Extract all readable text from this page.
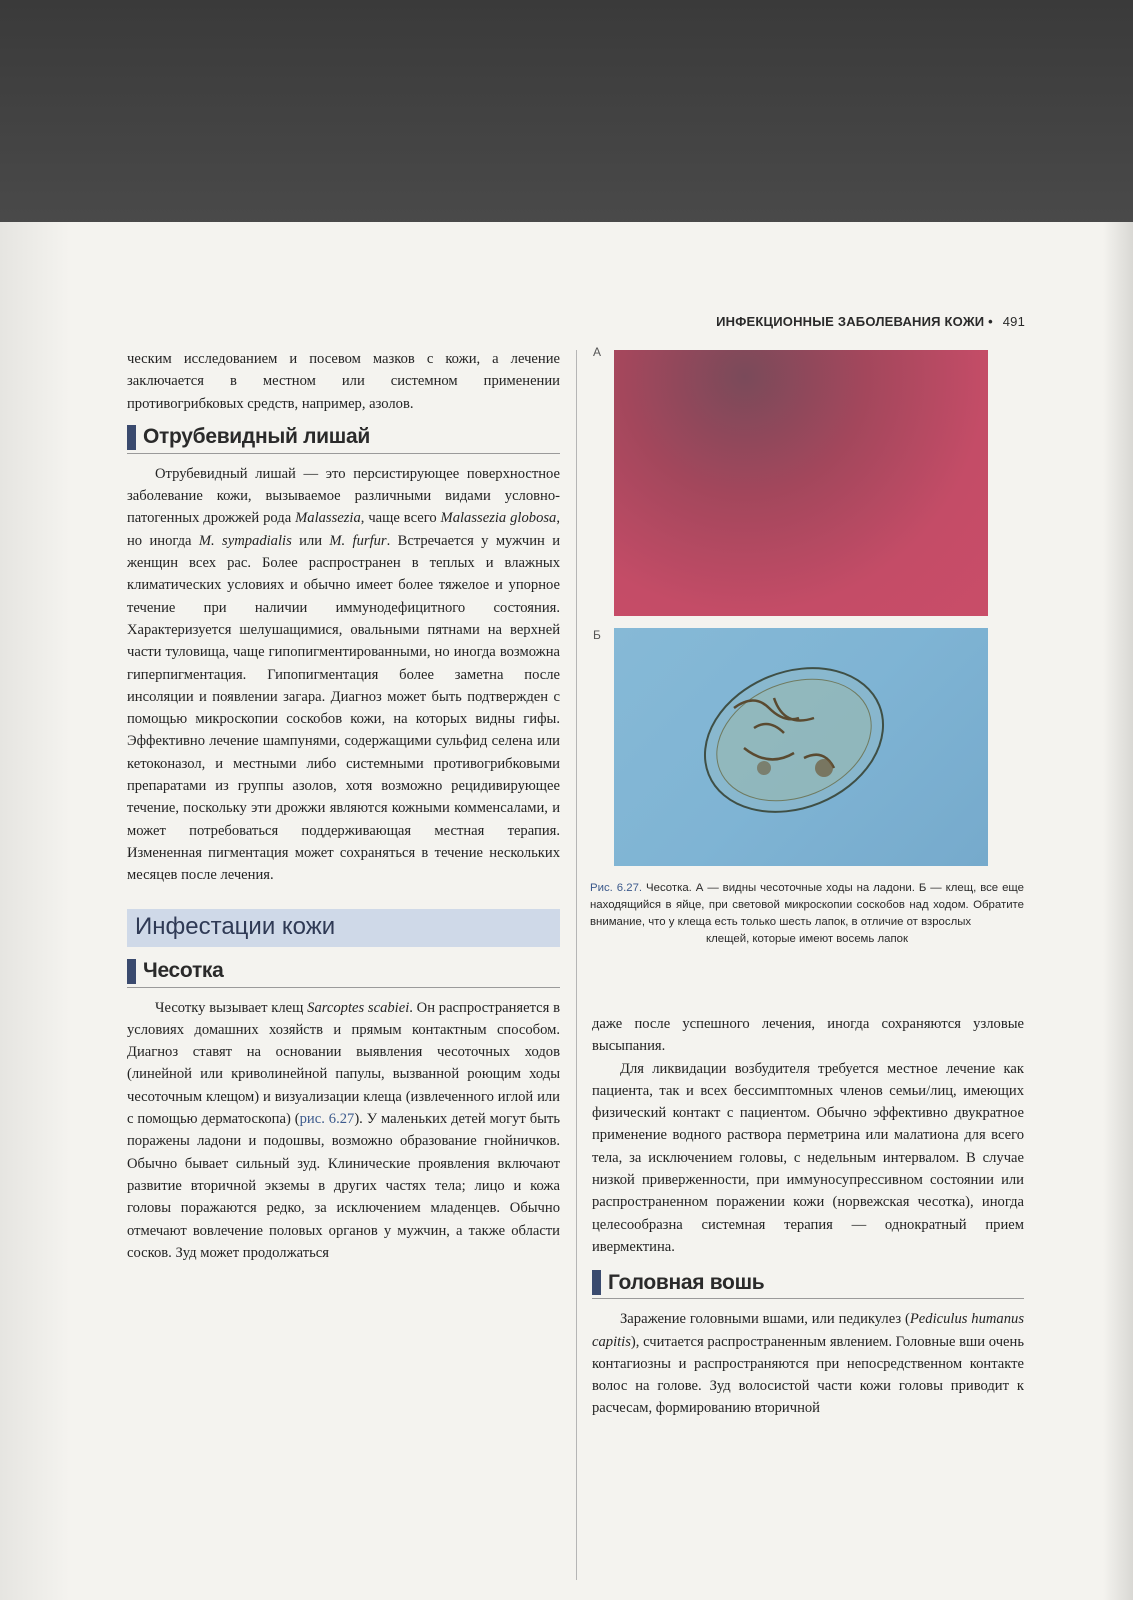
ИНФЕКЦИОННЫЕ ЗАБОЛЕВАНИЯ КОЖИ • 491

ческим исследованием и посевом мазков с кожи, а лечение заключается в местном или системном применении противогрибковых средств, например, азолов.

Отрубевидный лишай

Отрубевидный лишай — это персистирующее поверхностное заболевание кожи, вызываемое различными видами условно-патогенных дрожжей рода Malassezia, чаще всего Malassezia globosa, но иногда M. sympadialis или M. furfur. Встречается у мужчин и женщин всех рас. Более распространен в теплых и влажных климатических условиях и обычно имеет более тяжелое и упорное течение при наличии иммунодефицитного состояния. Характеризуется шелушащимися, овальными пятнами на верхней части туловища, чаще гипопигментированными, но иногда возможна гиперпигментация. Гипопигментация более заметна после инсоляции и появлении загара. Диагноз может быть подтвержден с помощью микроскопии соскобов кожи, на которых видны гифы. Эффективно лечение шампунями, содержащими сульфид селена или кетоконазол, и местными либо системными противогрибковыми препаратами из группы азолов, хотя возможно рецидивирующее течение, поскольку эти дрожжи являются кожными комменсалами, и может потребоваться поддерживающая местная терапия. Измененная пигментация может сохраняться в течение нескольких месяцев после лечения.

Инфестации кожи
Чесотка

Чесотку вызывает клещ Sarcoptes scabiei. Он распространяется в условиях домашних хозяйств и прямым контактным способом. Диагноз ставят на основании выявления чесоточных ходов (линейной или криволинейной папулы, вызванной роющим ходы чесоточным клещом) и визуализации клеща (извлеченного иглой или с помощью дерматоскопа) (рис. 6.27). У маленьких детей могут быть поражены ладони и подошвы, возможно образование гнойничков. Обычно бывает сильный зуд. Клинические проявления включают развитие вторичной экземы в других частях тела; лицо и кожа головы поражаются редко, за исключением младенцев. Обычно отмечают вовлечение половых органов у мужчин, а также области сосков. Зуд может продолжаться

А
Б
Рис. 6.27. Чесотка. А — видны чесоточные ходы на ладони. Б — клещ, все еще находящийся в яйце, при световой микроскопии соскобов над ходом. Обратите внимание, что у клеща есть только шесть лапок, в отличие от взрослых
клещей, которые имеют восемь лапок

даже после успешного лечения, иногда сохраняются узловые высыпания.

Для ликвидации возбудителя требуется местное лечение как пациента, так и всех бессимптомных членов семьи/лиц, имеющих физический контакт с пациентом. Обычно эффективно двукратное применение водного раствора перметрина или малатиона для всего тела, за исключением головы, с недельным интервалом. В случае низкой приверженности, при иммуносупрессивном состоянии или распространенном поражении кожи (норвежская чесотка), иногда целесообразна системная терапия — однократный прием ивермектина.

Головная вошь

Заражение головными вшами, или педикулез (Pediculus humanus capitis), считается распространенным явлением. Головные вши очень контагиозны и распространяются при непосредственном контакте волос на голове. Зуд волосистой части кожи головы приводит к расчесам, формированию вторичной
